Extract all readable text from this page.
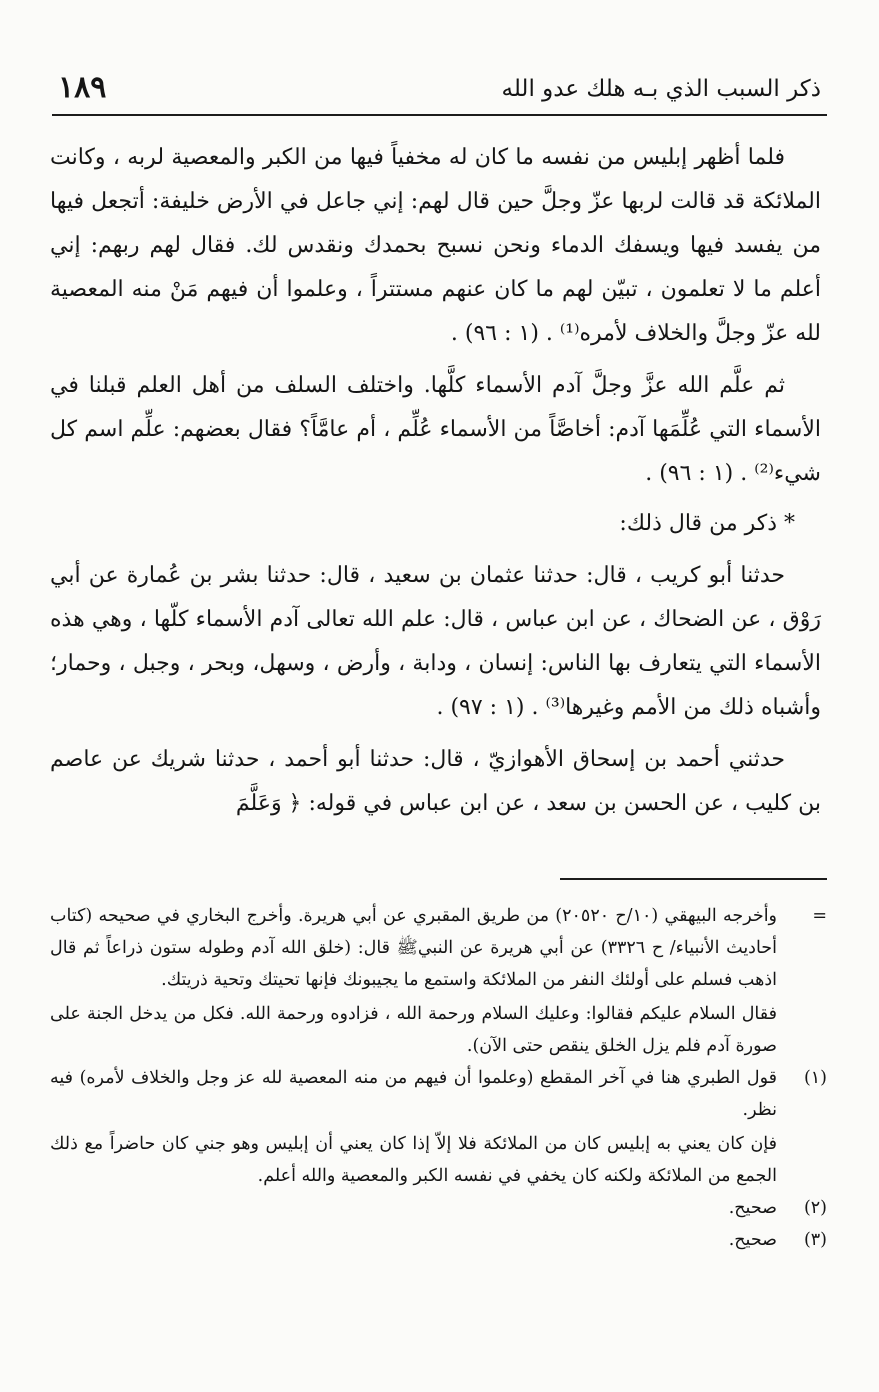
ذكر السبب الذي بـه هلك عدو الله
١٨٩

فلما أظهر إبليس من نفسه ما كان له مخفياً فيها من الكبر والمعصية لربه ، وكانت الملائكة قد قالت لربها عزّ وجلَّ حين قال لهم: إني جاعل في الأرض خليفة: أتجعل فيها من يفسد فيها ويسفك الدماء ونحن نسبح بحمدك ونقدس لك. فقال لهم ربهم: إني أعلم ما لا تعلمون ، تبيّن لهم ما كان عنهم مستتراً ، وعلموا أن فيهم مَنْ منه المعصية لله عزّ وجلَّ والخلاف لأمره⁽¹⁾ . (١ : ٩٦) .

ثم علَّم الله عزَّ وجلَّ آدم الأسماء كلَّها. واختلف السلف من أهل العلم قبلنا في الأسماء التي عُلِّمَها آدم: أخاصَّاً من الأسماء عُلِّم ، أم عامَّاً؟ فقال بعضهم: علِّم اسم كل شيء⁽²⁾ . (١ : ٩٦) .

* ذكر من قال ذلك:

حدثنا أبو كريب ، قال: حدثنا عثمان بن سعيد ، قال: حدثنا بشر بن عُمارة عن أبي رَوْق ، عن الضحاك ، عن ابن عباس ، قال: علم الله تعالى آدم الأسماء كلّها ، وهي هذه الأسماء التي يتعارف بها الناس: إنسان ، ودابة ، وأرض ، وسهل، وبحر ، وجبل ، وحمار؛ وأشباه ذلك من الأمم وغيرها⁽³⁾ . (١ : ٩٧) .

حدثني أحمد بن إسحاق الأهوازيّ ، قال: حدثنا أبو أحمد ، حدثنا شريك عن عاصم بن كليب ، عن الحسن بن سعد ، عن ابن عباس في قوله: ﴿ وَعَلَّمَ

=

وأخرجه البيهقي (١٠/ح ٢٠٥٢٠) من طريق المقبري عن أبي هريرة. وأخرج البخاري في صحيحه (كتاب أحاديث الأنبياء/ ح ٣٣٢٦) عن أبي هريرة عن النبيﷺ قال: (خلق الله آدم وطوله ستون ذراعاً ثم قال اذهب فسلم على أولئك النفر من الملائكة واستمع ما يجيبونك فإنها تحيتك وتحية ذريتك.

فقال السلام عليكم فقالوا: وعليك السلام ورحمة الله ، فزادوه ورحمة الله. فكل من يدخل الجنة على صورة آدم فلم يزل الخلق ينقص حتى الآن).

(١)

قول الطبري هنا في آخر المقطع (وعلموا أن فيهم من منه المعصية لله عز وجل والخلاف لأمره) فيه نظر.

فإن كان يعني به إبليس كان من الملائكة فلا إلاّ إذا كان يعني أن إبليس وهو جني كان حاضراً مع ذلك الجمع من الملائكة ولكنه كان يخفي في نفسه الكبر والمعصية والله أعلم.

(٢)

صحيح.

(٣)

صحيح.
